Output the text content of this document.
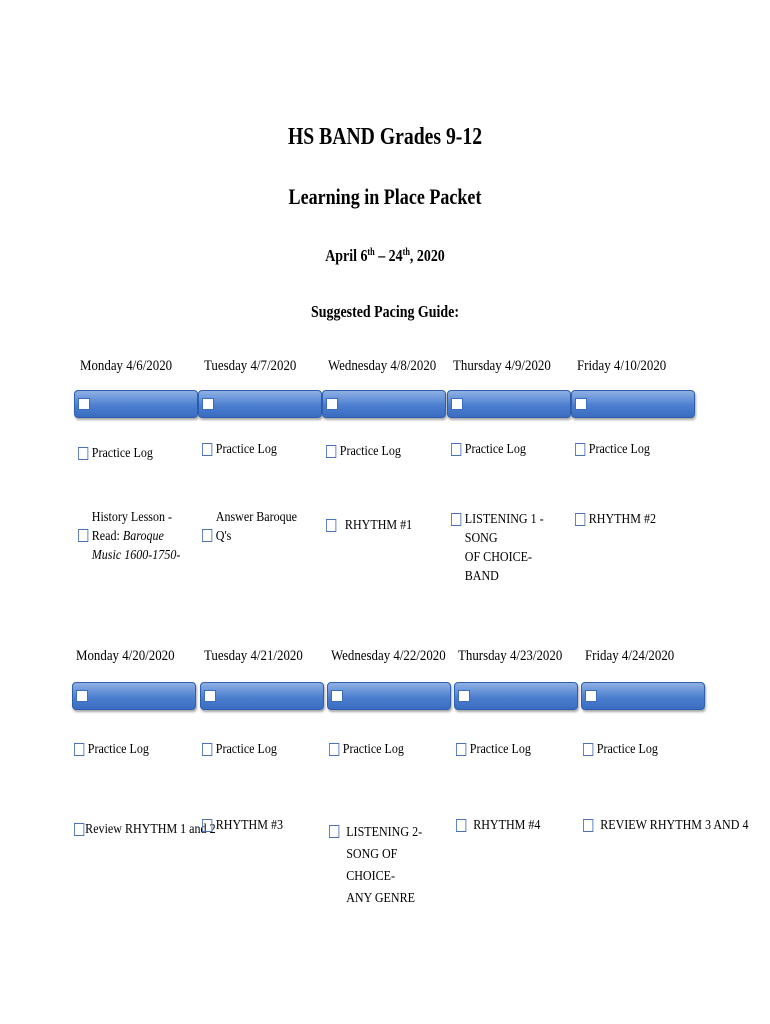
HS BAND Grades 9-12
Learning in Place Packet
April 6th – 24th, 2020
Suggested Pacing Guide:
Monday 4/6/2020
Practice Log
History Lesson -
Read: Baroque
Music 1600-1750-
Tuesday 4/7/2020
Practice Log
Answer Baroque
Q's
Wednesday 4/8/2020
Practice Log
RHYTHM #1
Thursday 4/9/2020
Practice Log
LISTENING 1 - SONG
OF CHOICE- BAND
Friday 4/10/2020
Practice Log
RHYTHM #2
Monday 4/20/2020
Practice Log
Review RHYTHM 1 and 2
Tuesday 4/21/2020
Practice Log
RHYTHM #3
Wednesday 4/22/2020
Practice Log
LISTENING 2-
SONG OF CHOICE-
ANY GENRE
Thursday 4/23/2020
Practice Log
RHYTHM #4
Friday 4/24/2020
Practice Log
REVIEW RHYTHM 3 AND 4
